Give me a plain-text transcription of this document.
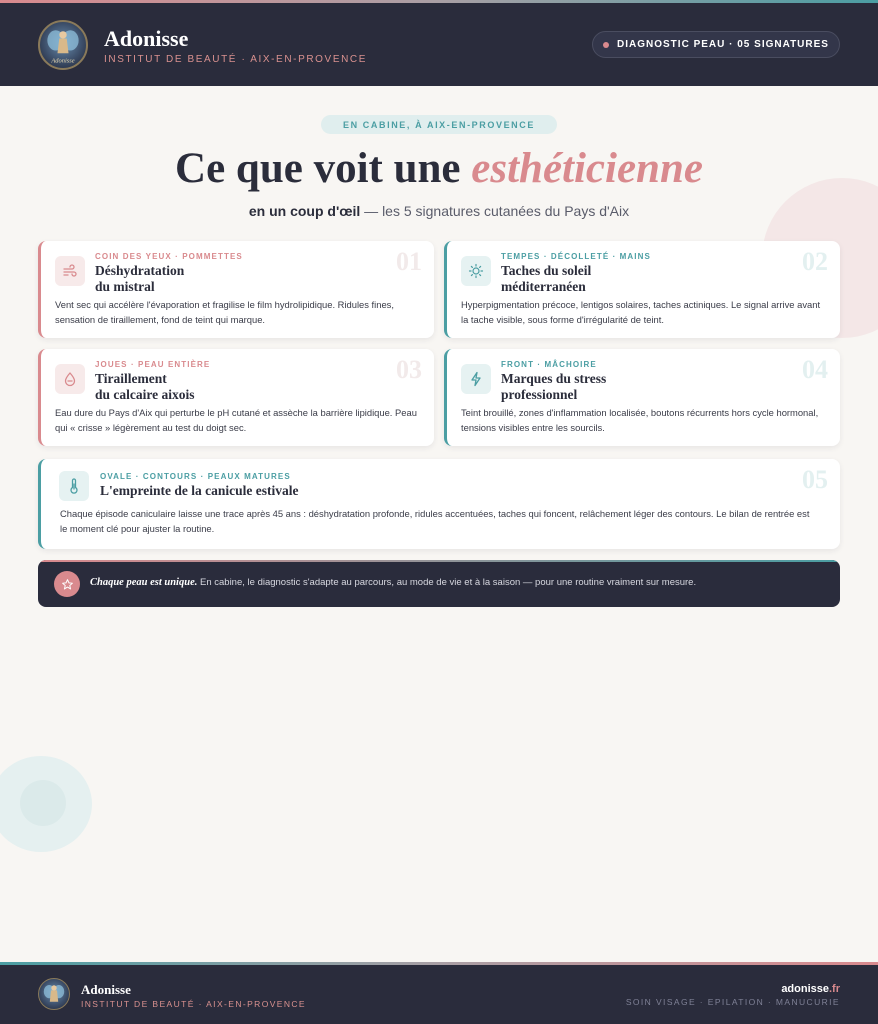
Adonisse
Adonisse
INSTITUT DE BEAUTÉ · AIX-EN-PROVENCE
DIAGNOSTIC PEAU · 05 SIGNATURES
EN CABINE, À AIX-EN-PROVENCE
Ce que voit une esthéticienne

en un coup d'œil — les 5 signatures cutanées du Pays d'Aix

01
COIN DES YEUX · POMMETTES
Déshydratation
du mistral
Vent sec qui accélère l'évaporation et fragilise le film hydrolipidique. Ridules fines, sensation de tiraillement, fond de teint qui marque.
02
TEMPES · DÉCOLLETÉ · MAINS
Taches du soleil
méditerranéen
Hyperpigmentation précoce, lentigos solaires, taches actiniques. Le signal arrive avant la tache visible, sous forme d'irrégularité de teint.
03
JOUES · PEAU ENTIÈRE
Tiraillement
du calcaire aixois
Eau dure du Pays d'Aix qui perturbe le pH cutané et assèche la barrière lipidique. Peau qui « crisse » légèrement au test du doigt sec.
04
FRONT · MÂCHOIRE
Marques du stress
professionnel
Teint brouillé, zones d'inflammation localisée, boutons récurrents hors cycle hormonal, tensions visibles entre les sourcils.
05
OVALE · CONTOURS · PEAUX MATURES
L'empreinte de la canicule estivale
Chaque épisode caniculaire laisse une trace après 45 ans : déshydratation profonde, ridules accentuées, taches qui foncent, relâchement léger des contours. Le bilan de rentrée est le moment clé pour ajuster la routine.
Chaque peau est unique. En cabine, le diagnostic s'adapte au parcours, au mode de vie et à la saison — pour une routine vraiment sur mesure.
Adonisse
INSTITUT DE BEAUTÉ · AIX-EN-PROVENCE
adonisse.fr
SOIN VISAGE · EPILATION · MANUCURIE
